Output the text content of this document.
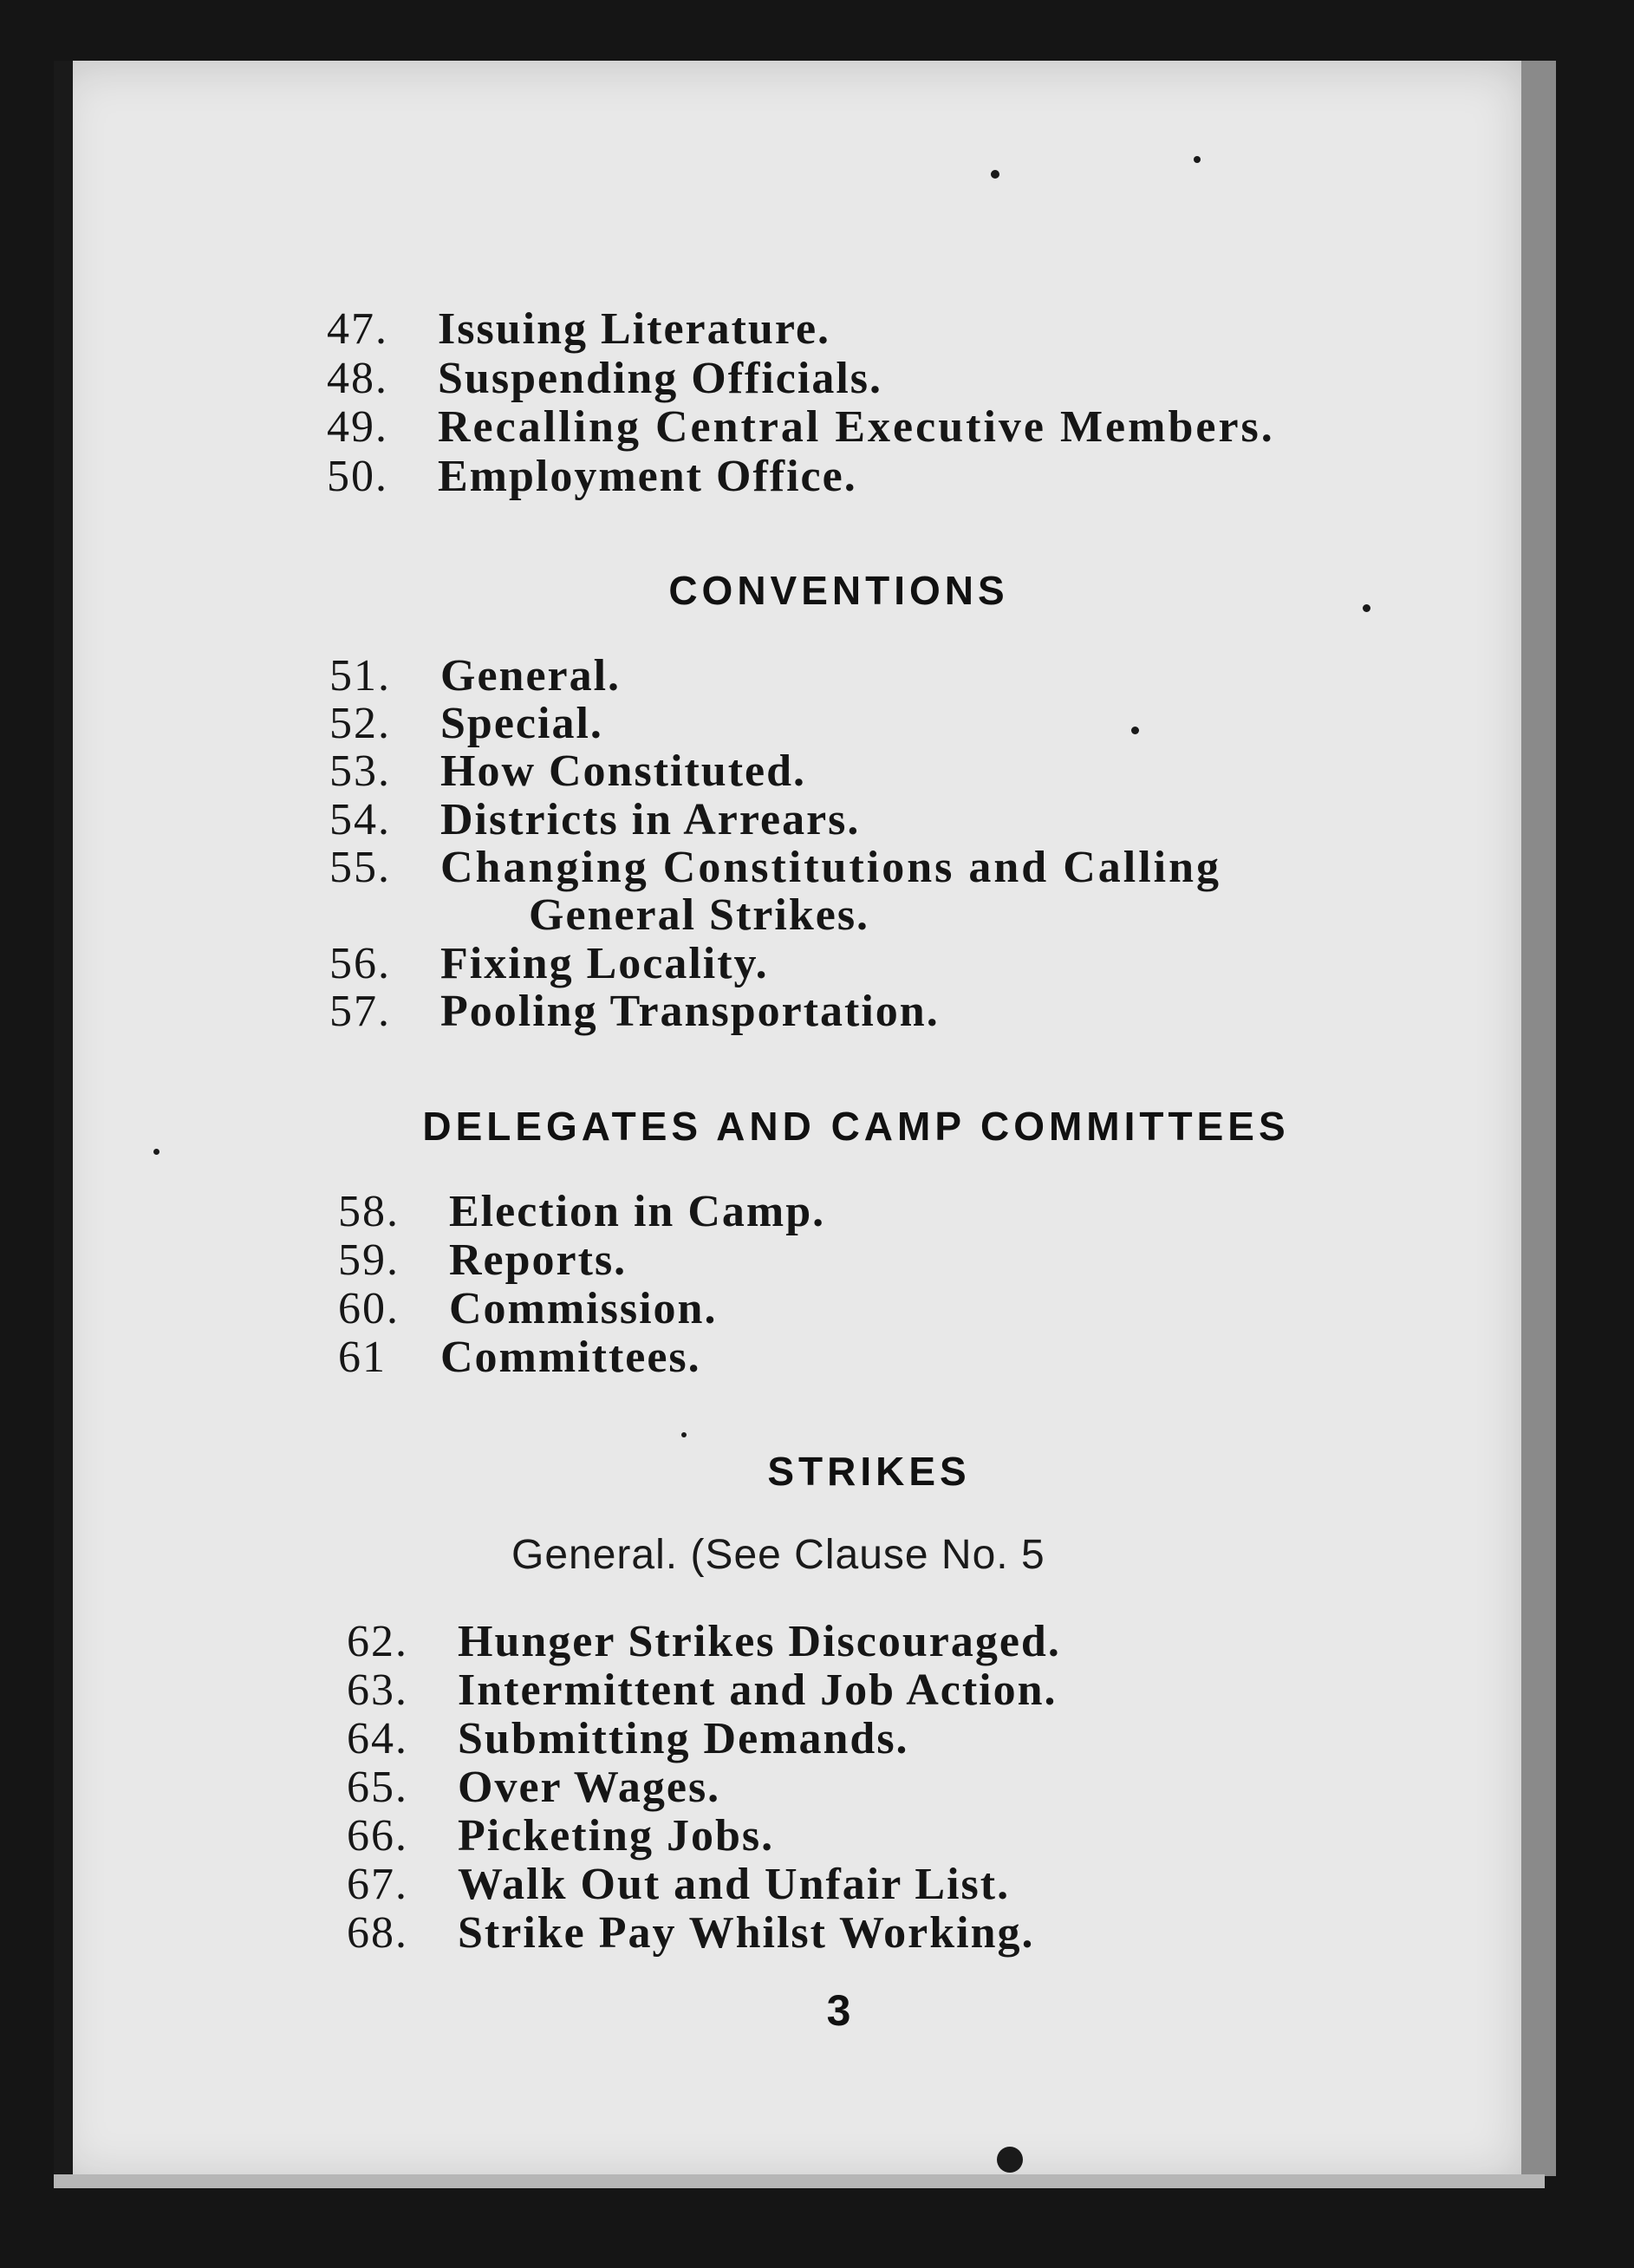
47. Issuing Literature.
48. Suspending Officials.
49. Recalling Central Executive Members.
50. Employment Office.
CONVENTIONS
51. General.
52. Special.
53. How Constituted.
54. Districts in Arrears.
55. Changing Constitutions and Calling
General Strikes.
56. Fixing Locality.
57. Pooling Transportation.
DELEGATES AND CAMP COMMITTEES
58. Election in Camp.
59. Reports.
60. Commission.
61 Committees.
STRIKES
General. (See Clause No. 5
62. Hunger Strikes Discouraged.
63. Intermittent and Job Action.
64. Submitting Demands.
65. Over Wages.
66. Picketing Jobs.
67. Walk Out and Unfair List.
68. Strike Pay Whilst Working.
3
